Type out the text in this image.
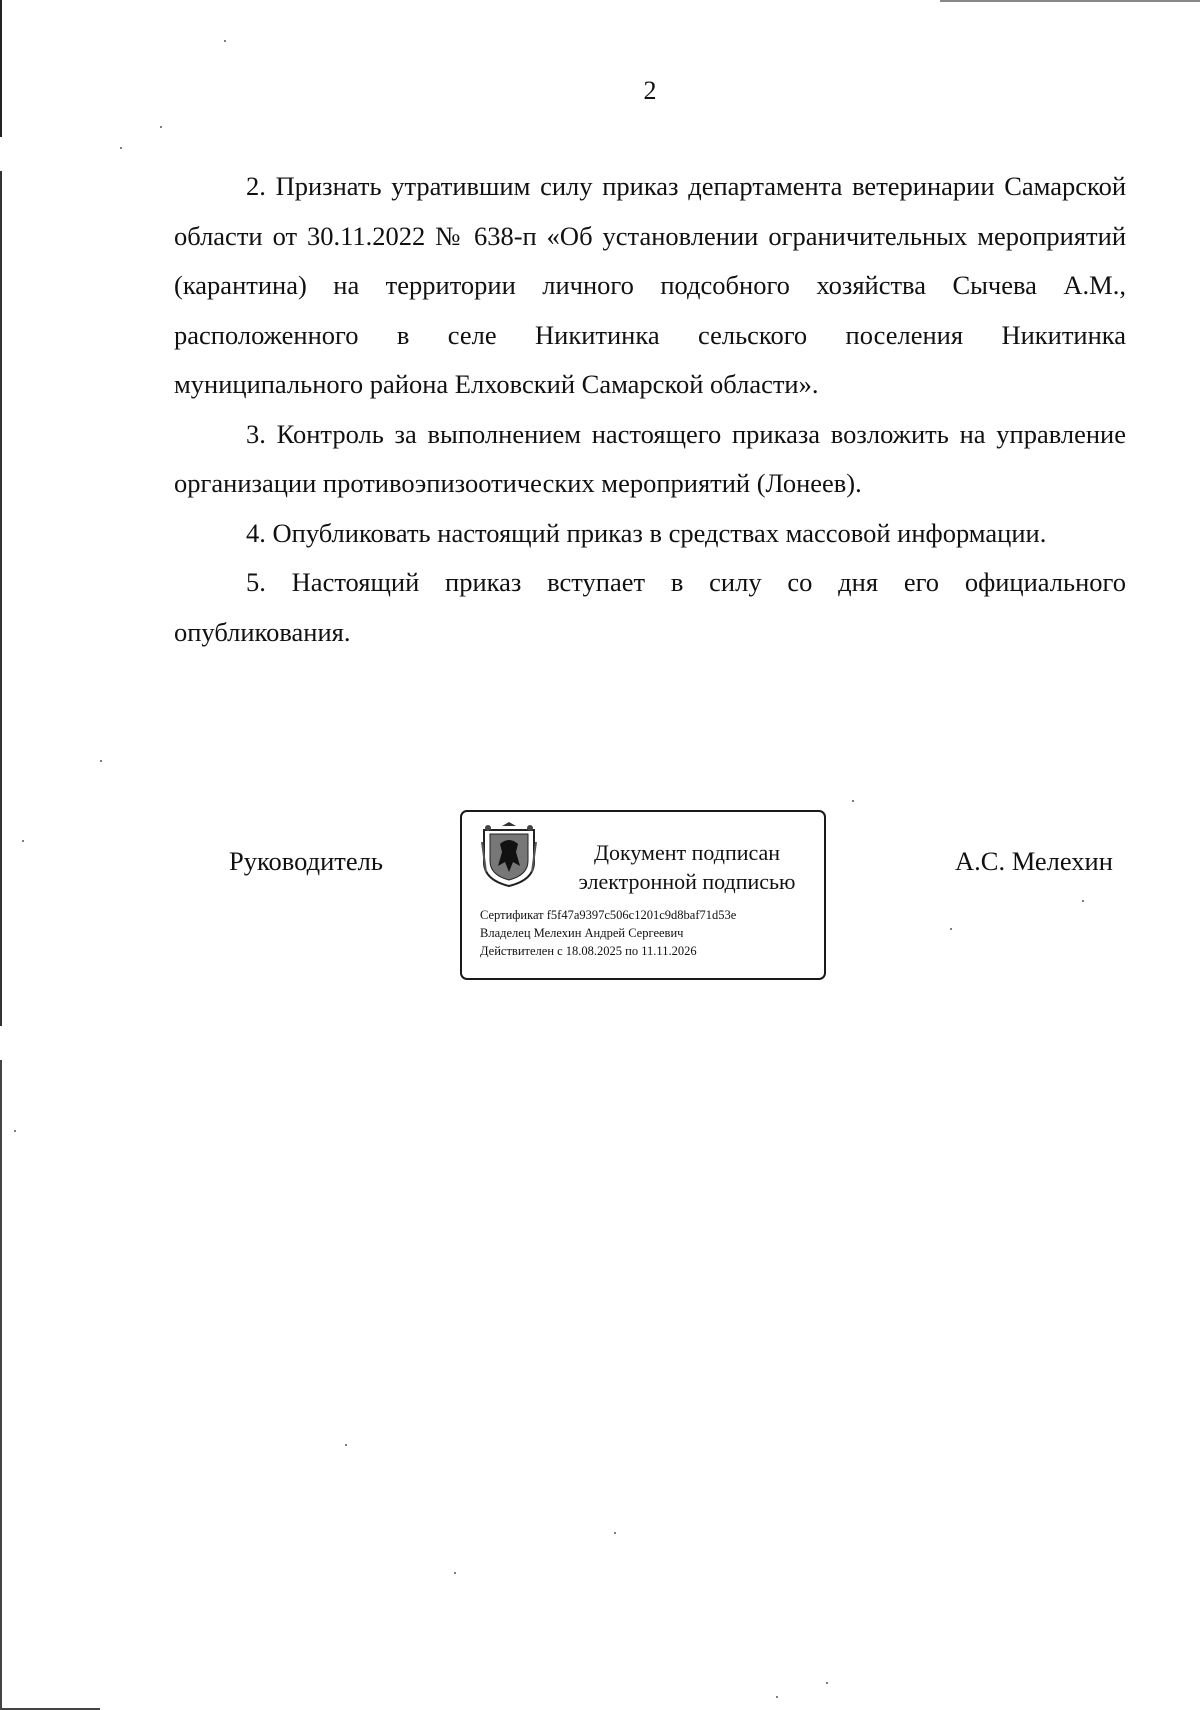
2

2. Признать утратившим силу приказ департамента ветеринарии Самарской области от 30.11.2022 № 638-п «Об установлении ограничительных мероприятий (карантина) на территории личного подсобного хозяйства Сычева А.М., расположенного в селе Никитинка сельского поселения Никитинка муниципального района Елховский Самарской области».

3. Контроль за выполнением настоящего приказа возложить на управление организации противоэпизоотических мероприятий (Лонеев).

4. Опубликовать настоящий приказ в средствах массовой информации.

5. Настоящий приказ вступает в силу со дня его официального опубликования.

Руководитель	Документ подписан
электронной подписью
Сертификат f5f47a9397c506c1201c9d8baf71d53e
Владелец Мелехин Андрей Сергеевич
Действителен с 18.08.2025 по 11.11.2026
А.С. Мелехин
